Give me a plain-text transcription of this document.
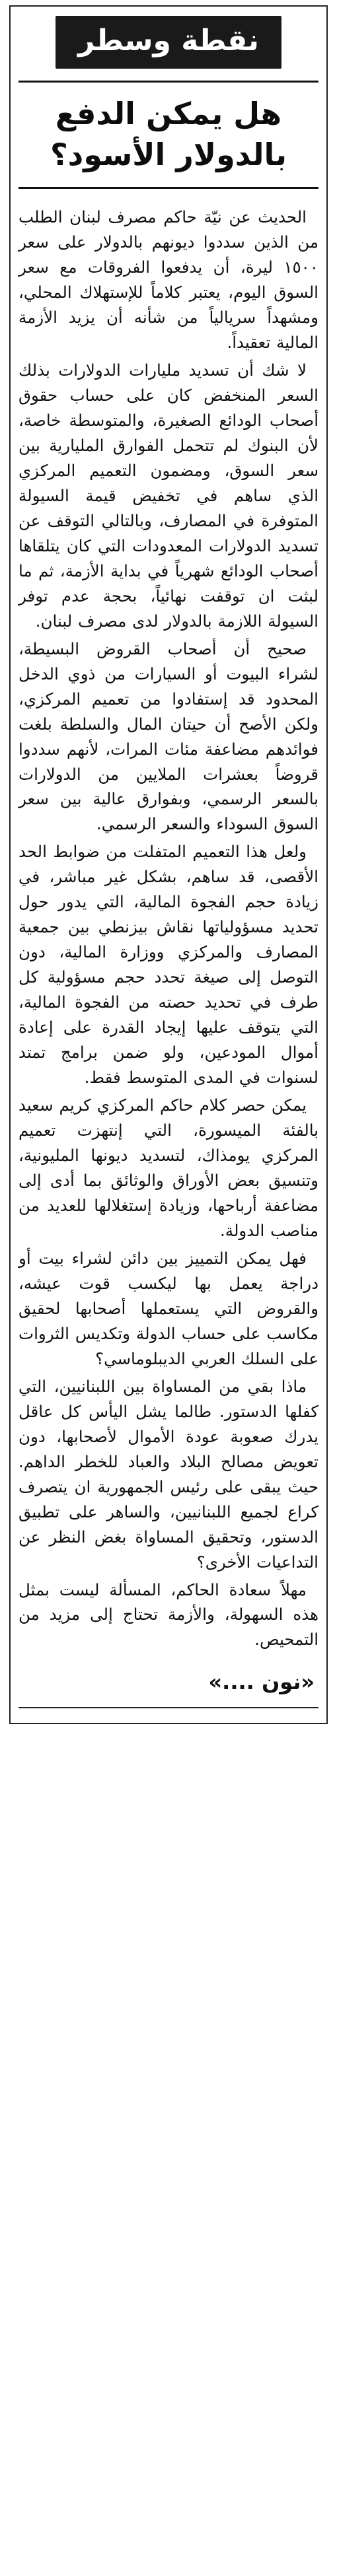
نقطة وسطر
هل يمكن الدفع بالدولار الأسود؟

الحديث عن نيّة حاكم مصرف لبنان الطلب من الذين سددوا ديونهم بالدولار على سعر ١٥٠٠ ليرة، أن يدفعوا الفروقات مع سعر السوق اليوم، يعتبر كلاماً للإستهلاك المحلي، ومشهداً سريالياً من شأنه أن يزيد الأزمة المالية تعقيداً.

لا شك أن تسديد مليارات الدولارات بذلك السعر المنخفض كان على حساب حقوق أصحاب الودائع الصغيرة، والمتوسطة خاصة، لأن البنوك لم تتحمل الفوارق المليارية بين سعر السوق، ومضمون التعميم المركزي الذي ساهم في تخفيض قيمة السيولة المتوفرة في المصارف، وبالتالي التوقف عن تسديد الدولارات المعدودات التي كان يتلقاها أصحاب الودائع شهرياً في بداية الأزمة، ثم ما لبثت ان توقفت نهائياً، بحجة عدم توفر السيولة اللازمة بالدولار لدى مصرف لبنان.

صحيح أن أصحاب القروض البسيطة، لشراء البيوت أو السيارات من ذوي الدخل المحدود قد إستفادوا من تعميم المركزي، ولكن الأصح أن حيتان المال والسلطة بلغت فوائدهم مضاعفة مئات المرات، لأنهم سددوا قروضاً بعشرات الملايين من الدولارات بالسعر الرسمي، وبفوارق عالية بين سعر السوق السوداء والسعر الرسمي.

ولعل هذا التعميم المتفلت من ضوابط الحد الأقصى، قد ساهم، بشكل غير مباشر، في زيادة حجم الفجوة المالية، التي يدور حول تحديد مسؤولياتها نقاش بيزنطي بين جمعية المصارف والمركزي ووزارة المالية، دون التوصل إلى صيغة تحدد حجم مسؤولية كل طرف في تحديد حصته من الفجوة المالية، التي يتوقف عليها إيجاد القدرة على إعادة أموال المودعين، ولو ضمن برامج تمتد لسنوات في المدى المتوسط فقط.

يمكن حصر كلام حاكم المركزي كريم سعيد بالفئة الميسورة، التي إنتهزت تعميم المركزي يومذاك، لتسديد ديونها المليونية، وتنسيق بعض الأوراق والوثائق بما أدى إلى مضاعفة أرباحها، وزيادة إستغلالها للعديد من مناصب الدولة.

فهل يمكن التمييز بين دائن لشراء بيت أو دراجة يعمل بها ليكسب قوت عيشه، والقروض التي يستعملها أصحابها لحقيق مكاسب على حساب الدولة وتكديس الثروات على السلك العربي الديبلوماسي؟

ماذا بقي من المساواة بين اللبنانيين، التي كفلها الدستور. طالما يشل اليأس كل عاقل يدرك صعوبة عودة الأموال لأصحابها، دون تعويض مصالح البلاد والعباد للخطر الداهم. حيث يبقى على رئيس الجمهورية ان يتصرف كراع لجميع اللبنانيين، والساهر على تطبيق الدستور، وتحقيق المساواة بغض النظر عن التداعيات الأخرى؟

مهلاً سعادة الحاكم، المسألة ليست بمثل هذه السهولة، والأزمة تحتاج إلى مزيد من التمحيص.

«نون ....»
